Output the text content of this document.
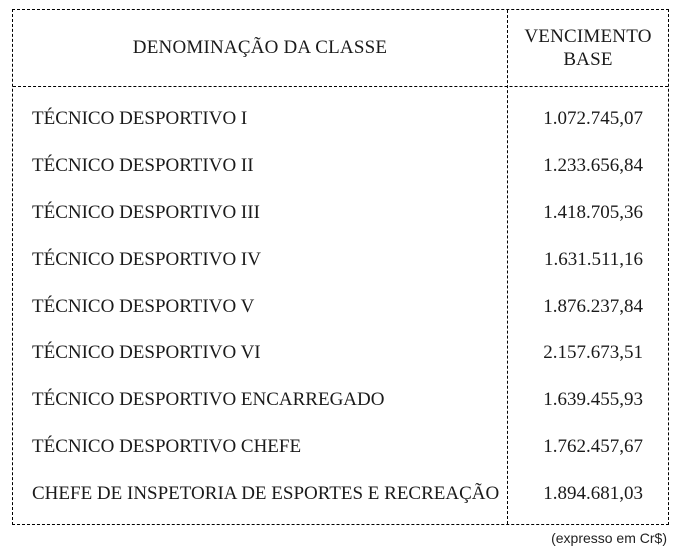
DENOMINAÇÃO DA CLASSE
VENCIMENTO
BASE
TÉCNICO DESPORTIVO I	1.072.745,07
TÉCNICO DESPORTIVO II	1.233.656,84
TÉCNICO DESPORTIVO III	1.418.705,36
TÉCNICO DESPORTIVO IV	1.631.511,16
TÉCNICO DESPORTIVO V	1.876.237,84
TÉCNICO DESPORTIVO VI	2.157.673,51
TÉCNICO DESPORTIVO ENCARREGADO	1.639.455,93
TÉCNICO DESPORTIVO CHEFE	1.762.457,67
CHEFE DE INSPETORIA DE ESPORTES E RECREAÇÃO 1.894.681,03
(expresso em Cr$)
